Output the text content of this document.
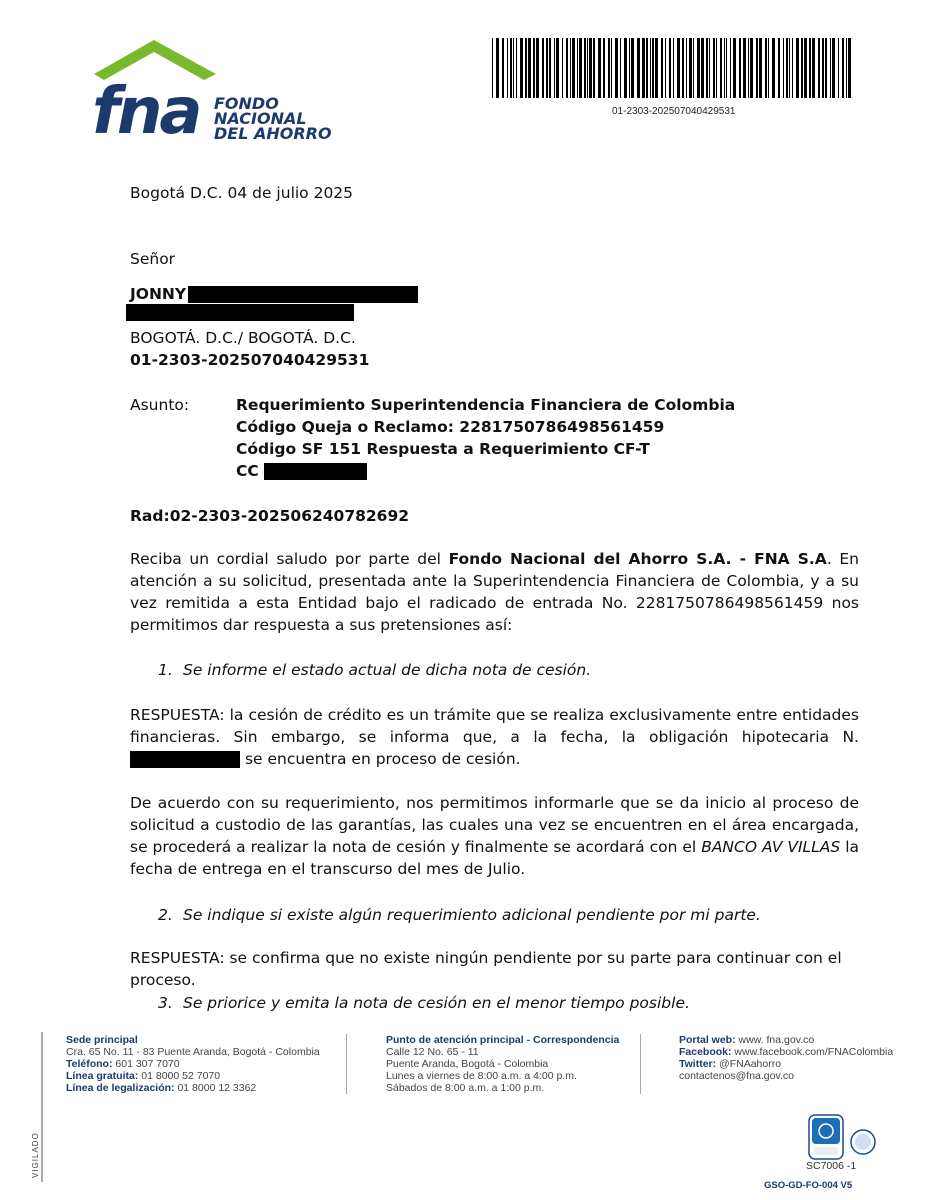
fna FONDO
NACIONAL
DEL AHORRO
01-2303-202507040429531
Bogotá D.C. 04 de julio 2025
Señor
JONNY
BOGOTÁ. D.C./ BOGOTÁ. D.C.
01-2303-202507040429531
Asunto:	Requerimiento Superintendencia Financiera de Colombia
Código Queja o Reclamo: 2281750786498561459
Código SF 151 Respuesta a Requerimiento CF-T
CC
Rad:02-2303-202506240782692
Reciba un cordial saludo por parte del Fondo Nacional del Ahorro S.A. - FNA S.A. En atención a su solicitud, presentada ante la Superintendencia Financiera de Colombia, y a su vez remitida a esta Entidad bajo el radicado de entrada No. 2281750786498561459 nos permitimos dar respuesta a sus pretensiones así:
1. Se informe el estado actual de dicha nota de cesión.
RESPUESTA: la cesión de crédito es un trámite que se realiza exclusivamente entre entidades financieras. Sin embargo, se informa que, a la fecha, la obligación hipotecaria N.  se encuentra en proceso de cesión.
De acuerdo con su requerimiento, nos permitimos informarle que se da inicio al proceso de solicitud a custodio de las garantías, las cuales una vez se encuentren en el área encargada, se procederá a realizar la nota de cesión y finalmente se acordará con el BANCO AV VILLAS la fecha de entrega en el transcurso del mes de Julio.
2. Se indique si existe algún requerimiento adicional pendiente por mi parte.
RESPUESTA: se confirma que no existe ningún pendiente por su parte para continuar con el proceso.
3. Se priorice y emita la nota de cesión en el menor tiempo posible.
VIGILADO
Sede principal
Cra. 65 No. 11 - 83 Puente Aranda, Bogotá - Colombia
Teléfono: 601 307 7070
Línea gratuita: 01 8000 52 7070
Línea de legalización: 01 8000 12 3362
Punto de atención principal - Correspondencia
Calle 12 No. 65 - 11
Puente Aranda, Bogotá - Colombia
Lunes a viernes de 8:00 a.m. a 4:00 p.m.
Sábados de 8:00 a.m. a 1:00 p.m.
Portal web: www. fna.gov.co
Facebook: www.facebook.com/FNAColombia
Twitter: @FNAahorro
contactenos@fna.gov.co
SC7006 -1
GSO-GD-FO-004 V5
